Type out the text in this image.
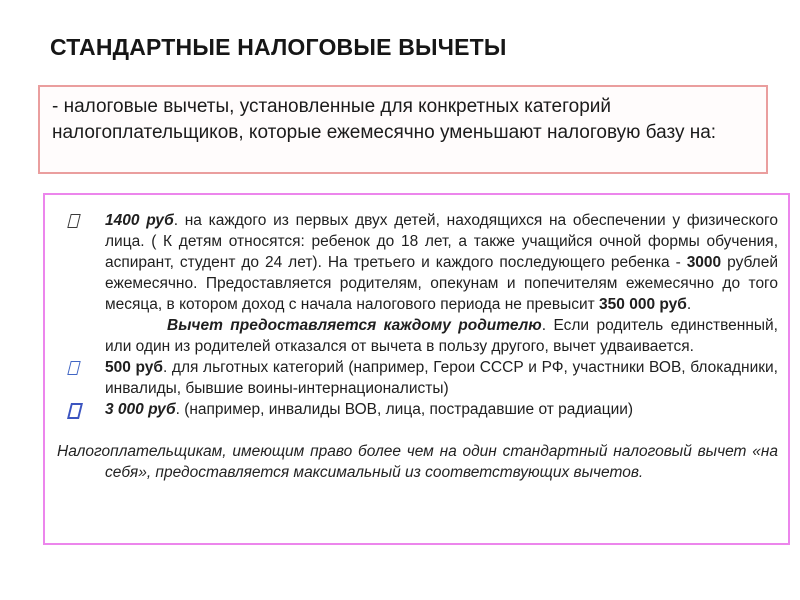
СТАНДАРТНЫЕ НАЛОГОВЫЕ ВЫЧЕТЫ
- налоговые вычеты, установленные для конкретных категорий налогоплательщиков, которые ежемесячно уменьшают налоговую базу на:

1400 руб. на каждого из первых двух детей, находящихся на обеспечении у физического лица. ( К детям относятся: ребенок до 18 лет, а также учащийся очной формы обучения, аспирант, студент до 24 лет). На третьего и каждого последующего ребенка - 3000 рублей ежемесячно. Предоставляется родителям, опекунам и попечителям ежемесячно до того месяца, в котором доход с начала налогового периода не превысит 350 000 руб.

Вычет предоставляется каждому родителю. Если родитель единственный, или один из родителей отказался от вычета в пользу другого, вычет удваивается.

500 руб. для льготных категорий (например, Герои СССР и РФ, участники ВОВ, блокадники, инвалиды, бывшие воины-интернационалисты)

3 000 руб. (например, инвалиды ВОВ, лица, пострадавшие от радиации)

Налогоплательщикам, имеющим право более чем на один стандартный налоговый вычет «на себя», предоставляется максимальный из соответствующих вычетов.
